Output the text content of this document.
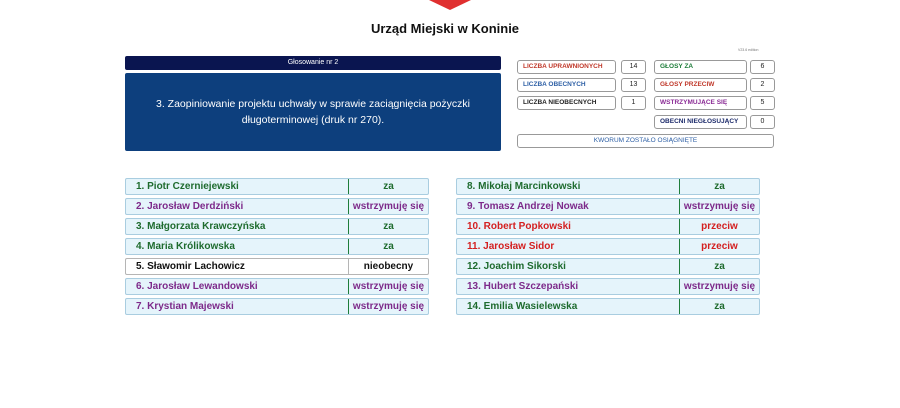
Urząd Miejski w Koninie
Głosowanie nr 2
3. Zaopiniowanie projektu uchwały w sprawie zaciągnięcia pożyczki długoterminowej (druk nr 270).
V23.6 edition
LICZBA UPRAWNIONYCH	14
LICZBA OBECNYCH	13
LICZBA NIEOBECNYCH	1
GŁOSY ZA	6
GŁOSY PRZECIW	2
WSTRZYMUJĄCE SIĘ	5
OBECNI NIEGŁOSUJĄCY	0
KWORUM ZOSTAŁO OSIĄGNIĘTE
1. Piotr Czerniejewski	za
2. Jarosław Derdziński	wstrzymuję się
3. Małgorzata Krawczyńska	za
4. Maria Królikowska	za
5. Sławomir Lachowicz	nieobecny
6. Jarosław Lewandowski	wstrzymuję się
7. Krystian Majewski	wstrzymuję się
8. Mikołaj Marcinkowski	za
9. Tomasz Andrzej Nowak	wstrzymuję się
10. Robert Popkowski	przeciw
11. Jarosław Sidor	przeciw
12. Joachim Sikorski	za
13. Hubert Szczepański	wstrzymuję się
14. Emilia Wasielewska	za
